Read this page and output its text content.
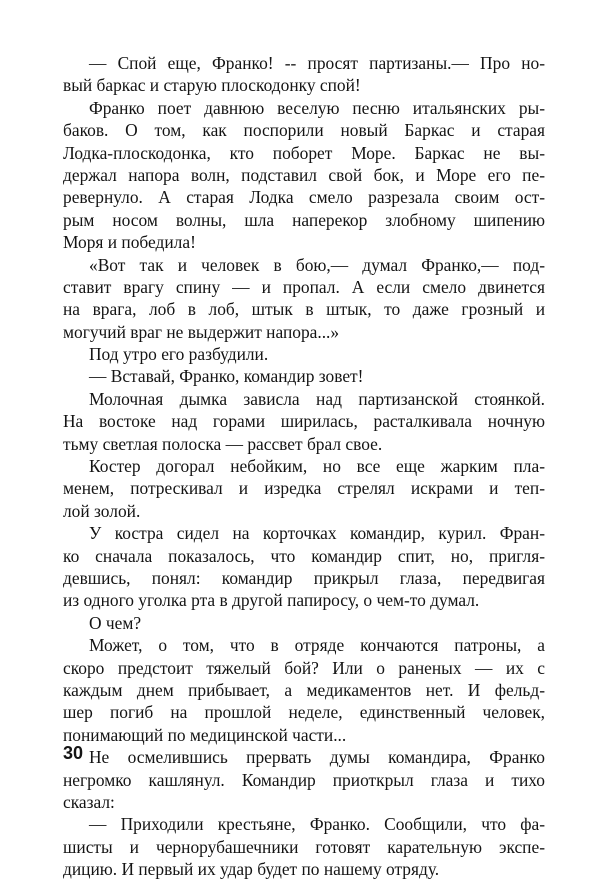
— Спой еще, Франко! -- просят партизаны.— Про но-
вый баркас и старую плоскодонку спой!
Франко поет давнюю веселую песню итальянских ры-
баков. О том, как поспорили новый Баркас и старая
Лодка-плоскодонка, кто поборет Море. Баркас не вы-
держал напора волн, подставил свой бок, и Море его пе-
ревернуло. А старая Лодка смело разрезала своим ост-
рым носом волны, шла наперекор злобному шипению
Моря и победила!
«Вот так и человек в бою,— думал Франко,— под-
ставит врагу спину — и пропал. А если смело двинется
на врага, лоб в лоб, штык в штык, то даже грозный и
могучий враг не выдержит напора...»
Под утро его разбудили.
— Вставай, Франко, командир зовет!
Молочная дымка зависла над партизанской стоянкой.
На востоке над горами ширилась, расталкивала ночную
тьму светлая полоска — рассвет брал свое.
Костер догорал небойким, но все еще жарким пла-
менем, потрескивал и изредка стрелял искрами и теп-
лой золой.
У костра сидел на корточках командир, курил. Фран-
ко сначала показалось, что командир спит, но, пригля-
девшись, понял: командир прикрыл глаза, передвигая
из одного уголка рта в другой папиросу, о чем-то думал.
О чем?
Может, о том, что в отряде кончаются патроны, а
скоро предстоит тяжелый бой? Или о раненых — их с
каждым днем прибывает, а медикаментов нет. И фельд-
шер погиб на прошлой неделе, единственный человек,
понимающий по медицинской части...
Не осмелившись прервать думы командира, Франко
негромко кашлянул. Командир приоткрыл глаза и тихо
сказал:
— Приходили крестьяне, Франко. Сообщили, что фа-
шисты и чернорубашечники готовят карательную экспе-
дицию. И первый их удар будет по нашему отряду.
30
